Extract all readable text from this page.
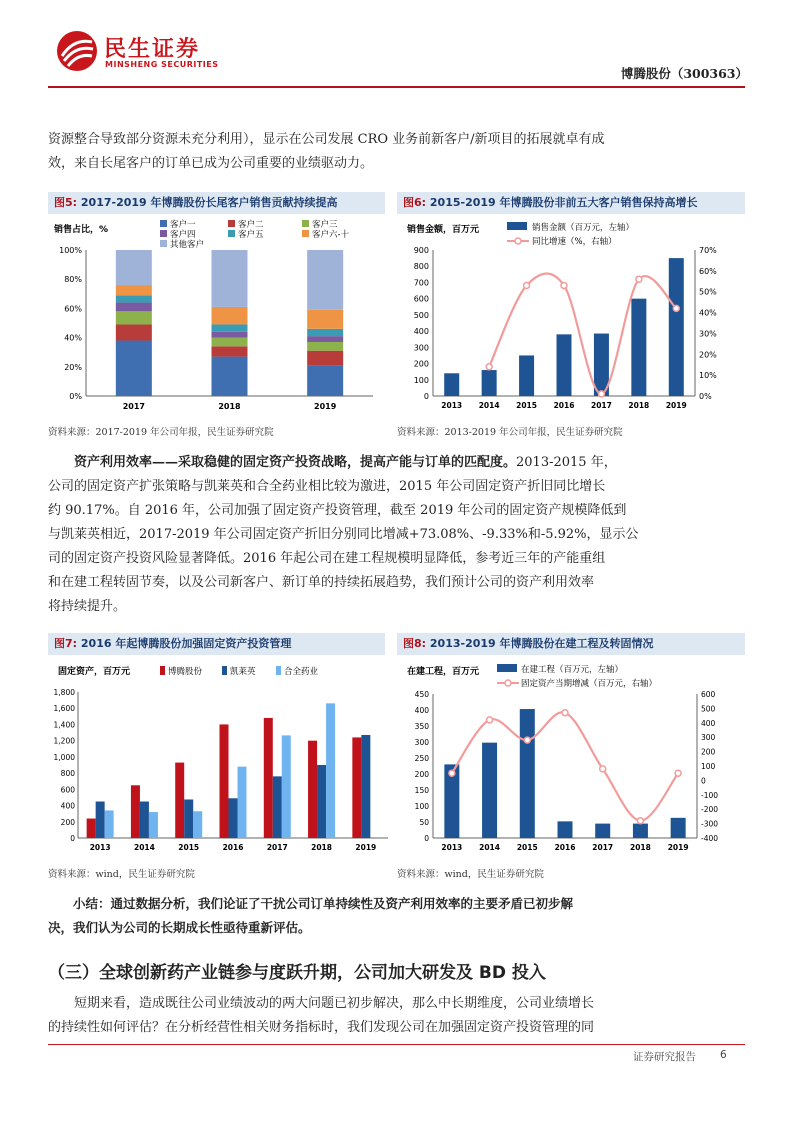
民生证券
MINSHENG SECURITIES
博腾股份（300363）

资源整合导致部分资源未充分利用），显示在公司发展 CRO 业务前新客户/新项目的拓展就卓有成

效，来自长尾客户的订单已成为公司重要的业绩驱动力。

图5: 2017-2019 年博腾股份长尾客户销售贡献持续提高
销售占比，%	客户一	客户二	客户三
客户四	客户五	客户六-十
其他客户
0%
20%
40%
60%
80%
100%
2017	2018	2019
资料来源：2017-2019 年公司年报，民生证券研究院
图6: 2015-2019 年博腾股份非前五大客户销售保持高增长
销售金额，百万元	销售金额（百万元，左轴）
同比增速（%，右轴）
0
100
200
300
400
500
600
700
800
900
0%
10%
20%
30%
40%
50%
60%
70%
2013 2014 2015 2016 2017 2018 2019
资料来源：2013-2019 年公司年报，民生证券研究院

资产利用效率——采取稳健的固定资产投资战略，提高产能与订单的匹配度。2013-2015 年，

公司的固定资产扩张策略与凯莱英和合全药业相比较为激进，2015 年公司固定资产折旧同比增长

约 90.17%。自 2016 年，公司加强了固定资产投资管理，截至 2019 年公司的固定资产规模降低到

与凯莱英相近，2017-2019 年公司固定资产折旧分别同比增减+73.08%、-9.33%和-5.92%，显示公

司的固定资产投资风险显著降低。2016 年起公司在建工程规模明显降低，参考近三年的产能重组

和在建工程转固节奏，以及公司新客户、新订单的持续拓展趋势，我们预计公司的资产利用效率

将持续提升。

图7: 2016 年起博腾股份加强固定资产投资管理
固定资产，百万元	博腾股份	凯莱英	合全药业
0
200
400
600
800
1,000
1,200
1,400
1,600
1,800
2013	2014	2015	2016	2017	2018	2019
资料来源：wind，民生证券研究院
图8: 2013-2019 年博腾股份在建工程及转固情况
在建工程，百万元	在建工程（百万元，左轴）
固定资产当期增减（百万元，右轴）
0
50
100
150
200
250
300
350
400
450
-400
-300
-200
-100
0
100
200
300
400
500
600
2013 2014 2015 2016 2017 2018 2019
资料来源：wind，民生证券研究院

小结：通过数据分析，我们论证了干扰公司订单持续性及资产利用效率的主要矛盾已初步解

决，我们认为公司的长期成长性亟待重新评估。

（三）全球创新药产业链参与度跃升期，公司加大研发及 BD 投入

短期来看，造成既往公司业绩波动的两大问题已初步解决，那么中长期维度，公司业绩增长

的持续性如何评估？在分析经营性相关财务指标时，我们发现公司在加强固定资产投资管理的同

证券研究报告 6
